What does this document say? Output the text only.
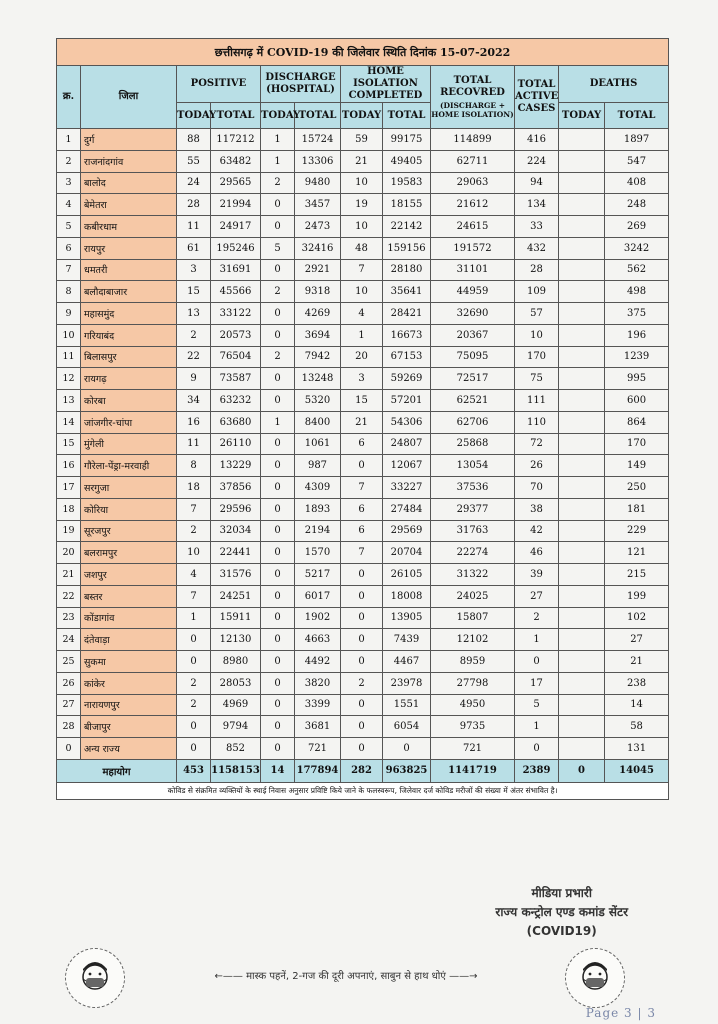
छत्तीसगढ़ में COVID-19 की जिलेवार स्थिति दिनांक 15-07-2022											
क्र.	जिला	POSITIVE		DISCHARGE (HOSPITAL)		HOME ISOLATION COMPLETED		TOTAL RECOVRED
(DISCHARGE + HOME ISOLATION)	TOTAL ACTIVE CASES	DEATHS	
		TODAY	TOTAL	TODAY	TOTAL	TODAY	TOTAL			TODAY	TOTAL
1	दुर्ग	88	117212	1	15724	59	99175	114899	416		1897
2	राजनांदगांव	55	63482	1	13306	21	49405	62711	224		547
3	बालोद	24	29565	2	9480	10	19583	29063	94		408
4	बेमेतरा	28	21994	0	3457	19	18155	21612	134		248
5	कबीरधाम	11	24917	0	2473	10	22142	24615	33		269
6	रायपुर	61	195246	5	32416	48	159156	191572	432		3242
7	धमतरी	3	31691	0	2921	7	28180	31101	28		562
8	बलौदाबाजार	15	45566	2	9318	10	35641	44959	109		498
9	महासमुंद	13	33122	0	4269	4	28421	32690	57		375
10	गरियाबंद	2	20573	0	3694	1	16673	20367	10		196
11	बिलासपुर	22	76504	2	7942	20	67153	75095	170		1239
12	रायगढ़	9	73587	0	13248	3	59269	72517	75		995
13	कोरबा	34	63232	0	5320	15	57201	62521	111		600
14	जांजगीर-चांपा	16	63680	1	8400	21	54306	62706	110		864
15	मुंगेली	11	26110	0	1061	6	24807	25868	72		170
16	गौरेला-पेंड्रा-मरवाही	8	13229	0	987	0	12067	13054	26		149
17	सरगुजा	18	37856	0	4309	7	33227	37536	70		250
18	कोरिया	7	29596	0	1893	6	27484	29377	38		181
19	सूरजपुर	2	32034	0	2194	6	29569	31763	42		229
20	बलरामपुर	10	22441	0	1570	7	20704	22274	46		121
21	जशपुर	4	31576	0	5217	0	26105	31322	39		215
22	बस्तर	7	24251	0	6017	0	18008	24025	27		199
23	कोंडागांव	1	15911	0	1902	0	13905	15807	2		102
24	दंतेवाड़ा	0	12130	0	4663	0	7439	12102	1		27
25	सुकमा	0	8980	0	4492	0	4467	8959	0		21
26	कांकेर	2	28053	0	3820	2	23978	27798	17		238
27	नारायणपुर	2	4969	0	3399	0	1551	4950	5		14
28	बीजापुर	0	9794	0	3681	0	6054	9735	1		58
0	अन्य राज्य	0	852	0	721	0	0	721	0		131
महायोग		453	1158153	14	177894	282	963825	1141719	2389	0	14045
कोविड से संक्रमित व्यक्तियों के स्थाई निवास अनुसार प्रविष्टि किये जाने के फलस्वरूप, जिलेवार दर्ज कोविड मरीजों की संख्या में अंतर संभावित है।											
मीडिया प्रभारी
राज्य कन्ट्रोल एण्ड कमांड सेंटर
(COVID19)
←—— मास्क पहनें, 2-गज की दूरी अपनाएं, साबुन से हाथ धोएं ——→
Page 3 | 3
